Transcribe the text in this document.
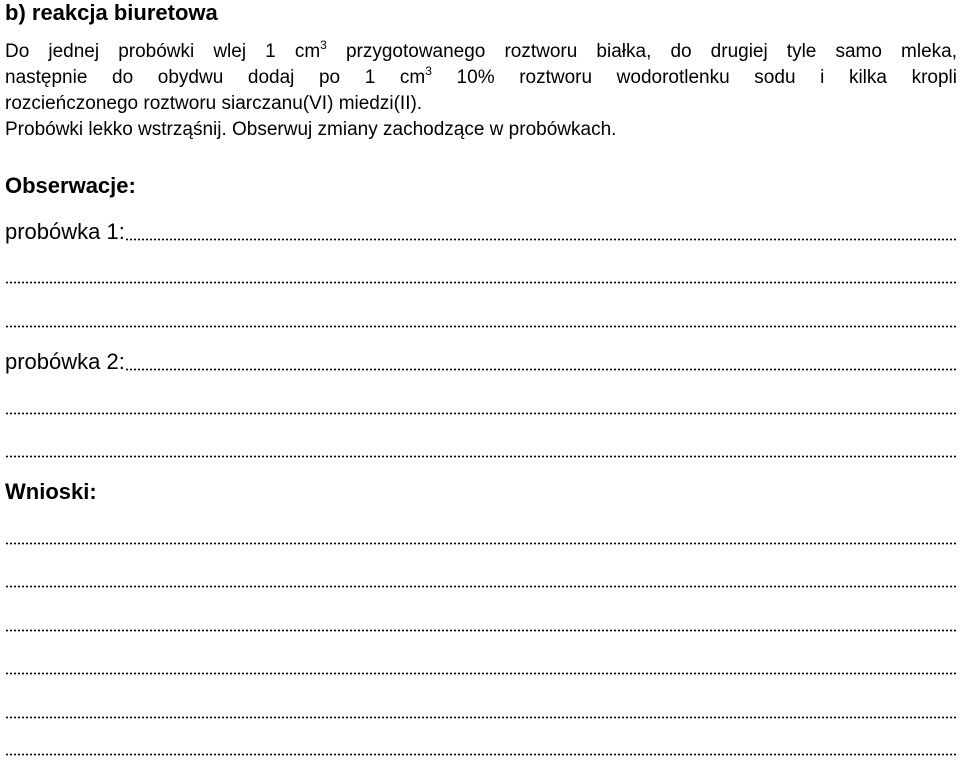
b) reakcja biuretowa
Do jednej probówki wlej 1 $cm^3$ przygotowanego roztworu białka, do drugiej tyle samo mleka,
następnie do obydwu dodaj po 1 $cm^3$ 10% roztworu wodorotlenku sodu i kilka kropli
rozcieńczonego roztworu siarczanu(VI) miedzi(II).
Probówki lekko wstrząśnij. Obserwuj zmiany zachodzące w probówkach.
Obserwacje:
probówka 1:
probówka 2:
Wnioski:
